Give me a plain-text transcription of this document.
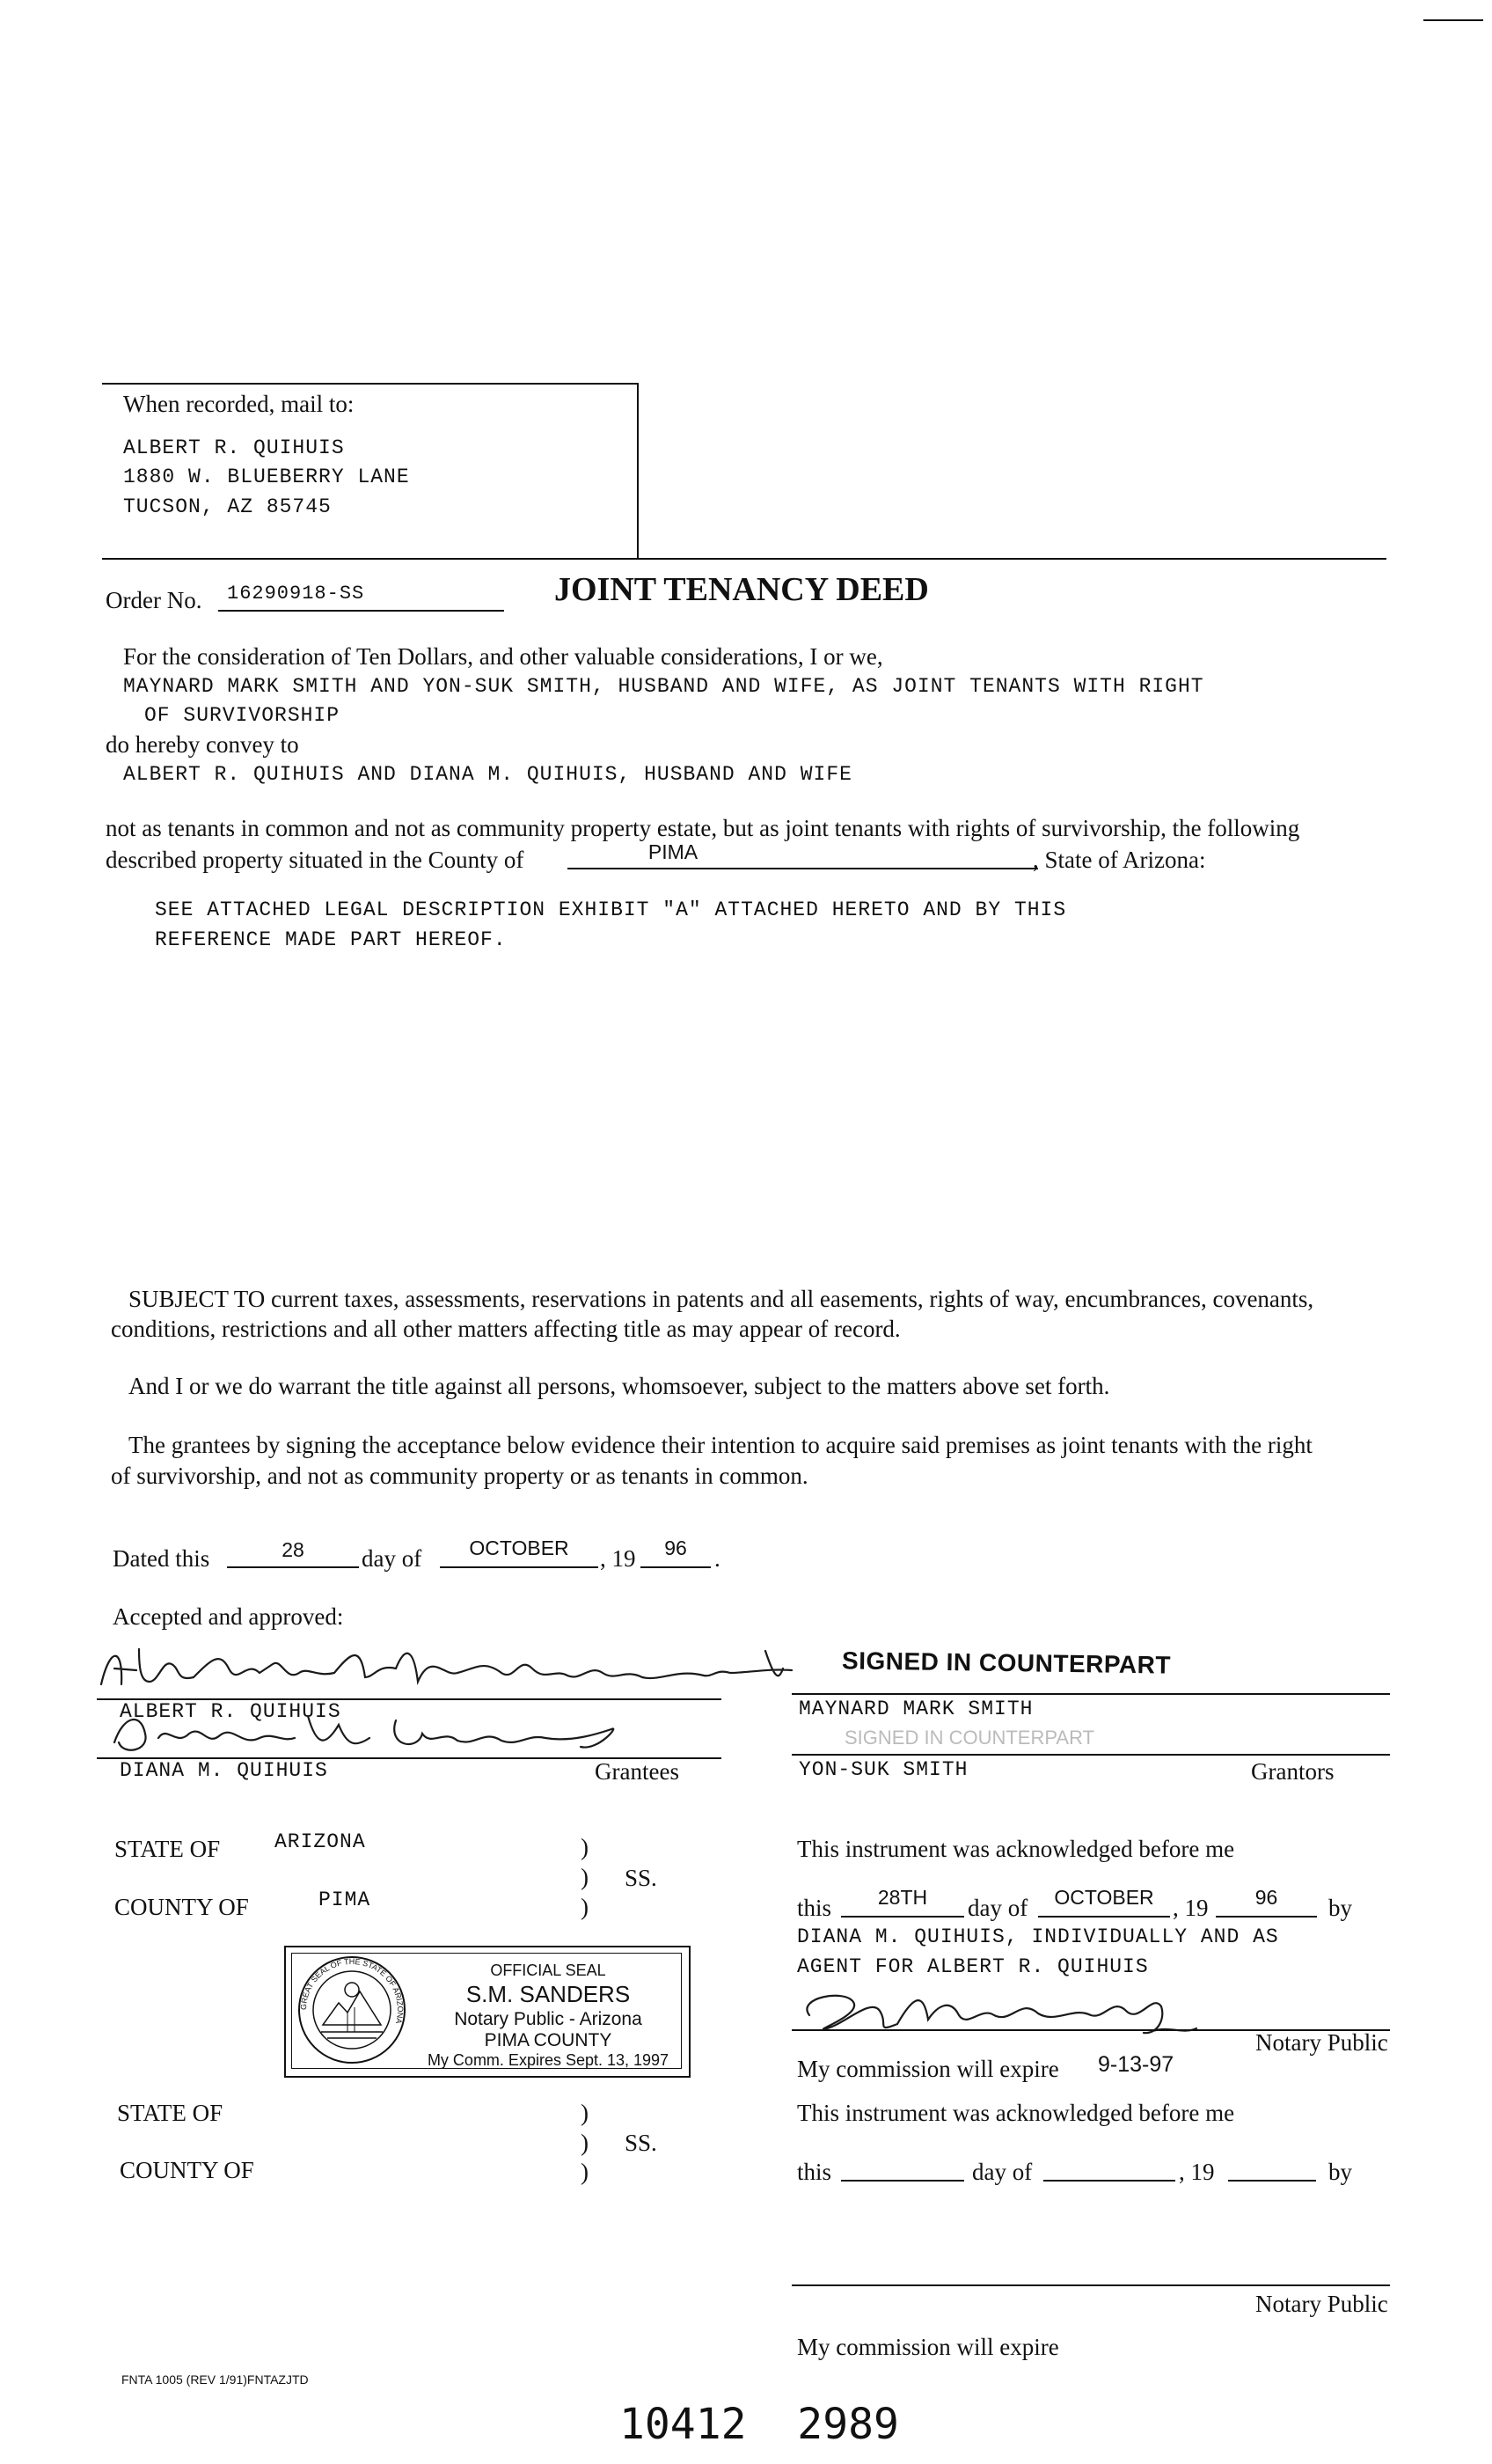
When recorded, mail to:
ALBERT R. QUIHUIS
1880 W. BLUEBERRY LANE
TUCSON, AZ 85745
Order No. 16290918-SS	JOINT TENANCY DEED
For the consideration of Ten Dollars, and other valuable considerations, I or we,
MAYNARD MARK SMITH AND YON-SUK SMITH, HUSBAND AND WIFE, AS JOINT TENANTS WITH RIGHT
OF SURVIVORSHIP
do hereby convey to
ALBERT R. QUIHUIS AND DIANA M. QUIHUIS, HUSBAND AND WIFE
not as tenants in common and not as community property estate, but as joint tenants with rights of survivorship, the following
described property situated in the County of	PIMA	, State of Arizona:
SEE ATTACHED LEGAL DESCRIPTION EXHIBIT "A" ATTACHED HERETO AND BY THIS
REFERENCE MADE PART HEREOF.
SUBJECT TO current taxes, assessments, reservations in patents and all easements, rights of way, encumbrances, covenants,
conditions, restrictions and all other matters affecting title as may appear of record.
And I or we do warrant the title against all persons, whomsoever, subject to the matters above set forth.
The grantees by signing the acceptance below evidence their intention to acquire said premises as joint tenants with the right
of survivorship, and not as community property or as tenants in common.
Dated this	28	day of	OCTOBER	, 19	96	.
Accepted and approved:
ALBERT R. QUIHUIS
DIANA M. QUIHUIS	Grantees
SIGNED IN COUNTERPART
MAYNARD MARK SMITH
SIGNED IN COUNTERPART
YON-SUK SMITH	Grantors
STATE OF	ARIZONA
COUNTY OF	PIMA
)
)
)
SS.
GREAT SEAL OF THE STATE OF ARIZONA
OFFICIAL SEAL
S.M. SANDERS
Notary Public - Arizona
PIMA COUNTY
My Comm. Expires Sept. 13, 1997
This instrument was acknowledged before me
this	28TH	day of	OCTOBER , 19	96	by
DIANA M. QUIHUIS, INDIVIDUALLY AND AS
AGENT FOR ALBERT R. QUIHUIS
Notary Public
My commission will expire 9-13-97
STATE OF
COUNTY OF
)
)
)
SS.
This instrument was acknowledged before me
this	day of	, 19	by
Notary Public
My commission will expire
FNTA 1005 (REV 1/91)FNTAZJTD
10412  2989
